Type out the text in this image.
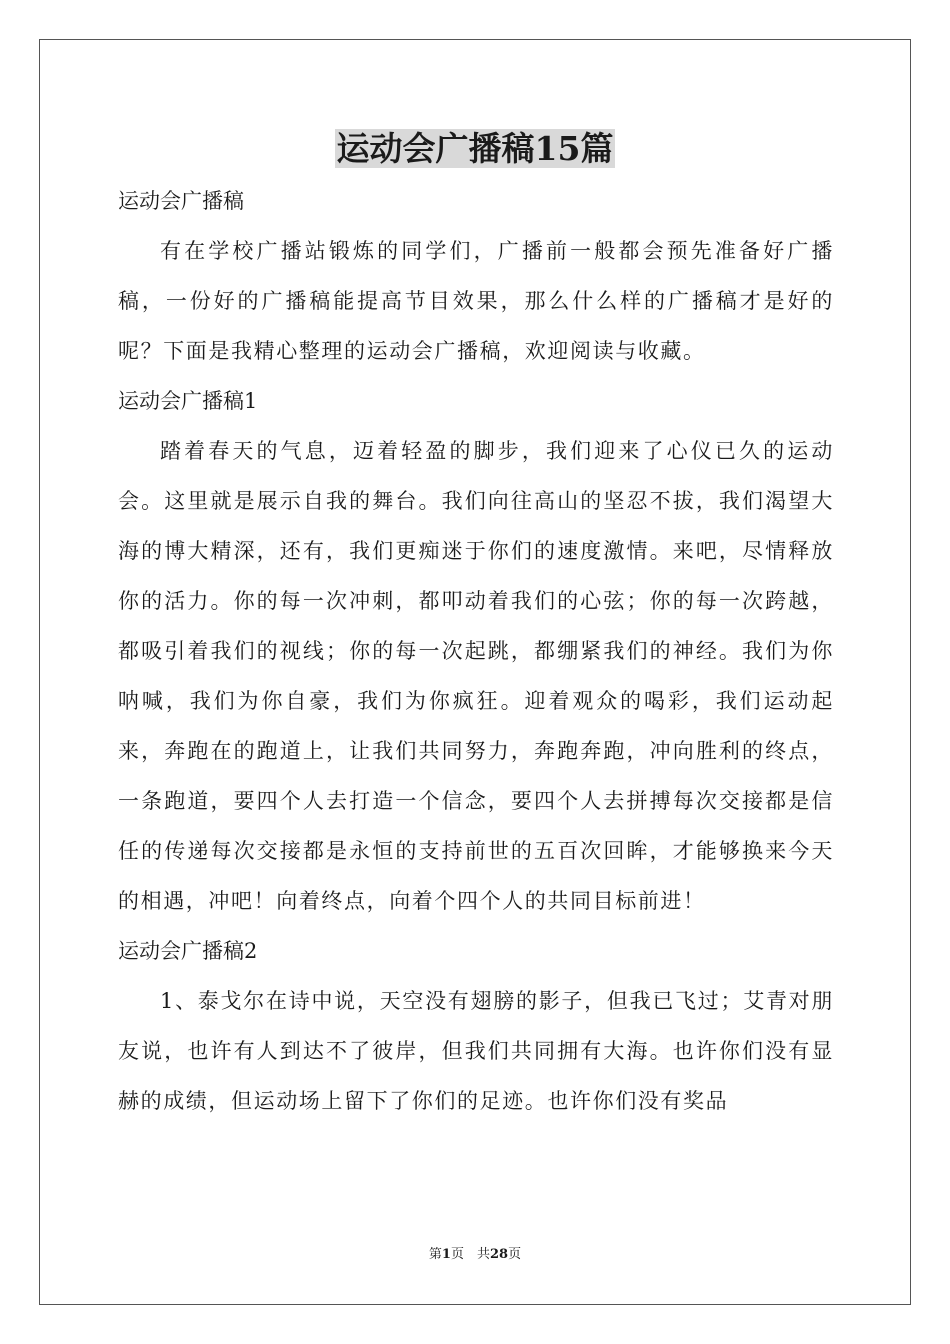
运动会广播稿15篇

运动会广播稿

有在学校广播站锻炼的同学们，广播前一般都会预先准备好广播稿，一份好的广播稿能提高节目效果，那么什么样的广播稿才是好的呢？下面是我精心整理的运动会广播稿，欢迎阅读与收藏。

运动会广播稿1

踏着春天的气息，迈着轻盈的脚步，我们迎来了心仪已久的运动会。这里就是展示自我的舞台。我们向往高山的坚忍不拔，我们渴望大海的博大精深，还有，我们更痴迷于你们的速度激情。来吧，尽情释放你的活力。你的每一次冲刺，都叩动着我们的心弦；你的每一次跨越，都吸引着我们的视线；你的每一次起跳，都绷紧我们的神经。我们为你呐喊，我们为你自豪，我们为你疯狂。迎着观众的喝彩，我们运动起来，奔跑在的跑道上，让我们共同努力，奔跑奔跑，冲向胜利的终点，一条跑道，要四个人去打造一个信念，要四个人去拼搏每次交接都是信任的传递每次交接都是永恒的支持前世的五百次回眸，才能够换来今天的相遇，冲吧！向着终点，向着个四个人的共同目标前进！

运动会广播稿2

1、泰戈尔在诗中说，天空没有翅膀的影子，但我已飞过；艾青对朋友说，也许有人到达不了彼岸，但我们共同拥有大海。也许你们没有显赫的成绩，但运动场上留下了你们的足迹。也许你们没有奖品

第1页　共28页
